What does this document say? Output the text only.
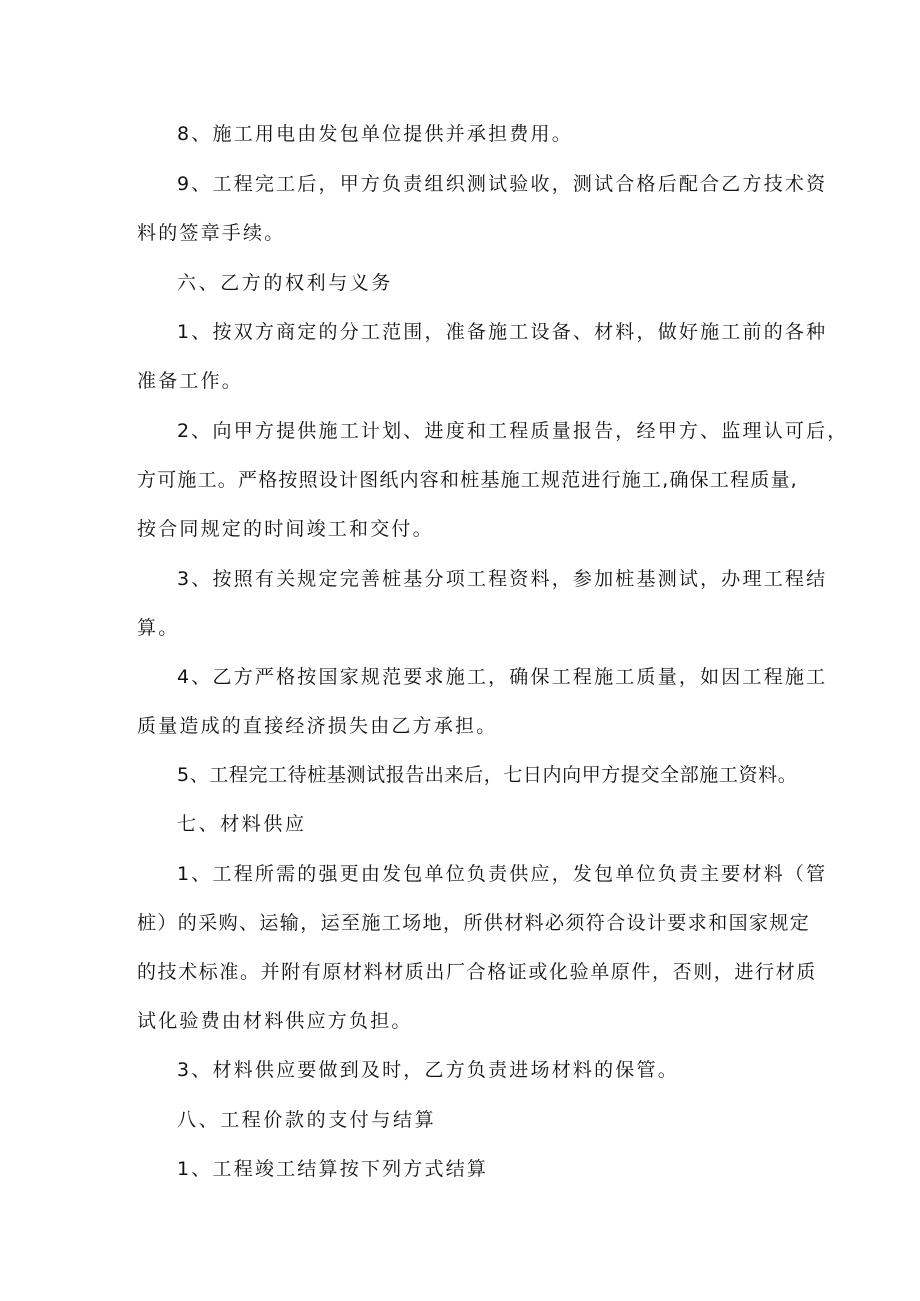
8、施工用电由发包单位提供并承担费用。
9、工程完工后，甲方负责组织测试验收，测试合格后配合乙方技术资
料的签章手续。
六、乙方的权利与义务
1、按双方商定的分工范围，准备施工设备、材料，做好施工前的各种
准备工作。
2、向甲方提供施工计划、进度和工程质量报告，经甲方、监理认可后，
方可施工。严格按照设计图纸内容和桩基施工规范进行施工,确保工程质量,
按合同规定的时间竣工和交付。
3、按照有关规定完善桩基分项工程资料，参加桩基测试，办理工程结
算。
4、乙方严格按国家规范要求施工，确保工程施工质量，如因工程施工
质量造成的直接经济损失由乙方承担。
5、工程完工待桩基测试报告出来后，七日内向甲方提交全部施工资料。
七、材料供应
1、工程所需的强更由发包单位负责供应，发包单位负责主要材料（管
桩）的采购、运输，运至施工场地，所供材料必须符合设计要求和国家规定
的技术标准。并附有原材料材质出厂合格证或化验单原件，否则，进行材质
试化验费由材料供应方负担。
3、材料供应要做到及时，乙方负责进场材料的保管。
八、工程价款的支付与结算
1、工程竣工结算按下列方式结算
